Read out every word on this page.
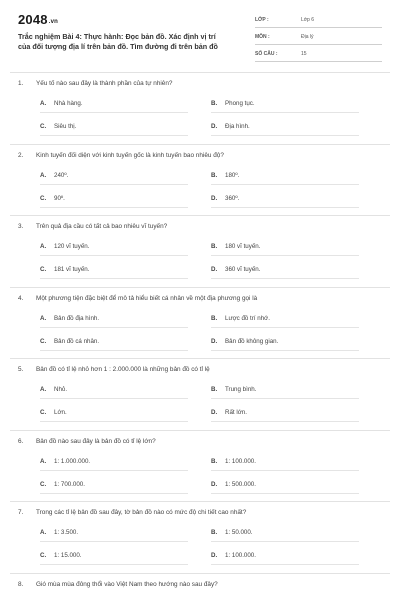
2048.vn
Trắc nghiệm Bài 4: Thực hành: Đọc bản đồ. Xác định vị trí
của đối tượng địa lí trên bản đồ. Tìm đường đi trên bản đồ
LỚP :	Lớp 6
MÔN :	Địa lý
SỐ CÂU :	15
1. Yếu tố nào sau đây là thành phần của tự nhiên?
A. Nhà hàng.	B. Phong tục.
C. Siêu thị.	D. Địa hình.
2. Kinh tuyến đối diện với kinh tuyến gốc là kinh tuyến bao nhiêu độ?
A. 240º.	B. 180º.
C. 90º.	D. 360º.
3. Trên quả địa cầu có tất cả bao nhiêu vĩ tuyến?
A. 120 vĩ tuyến.	B. 180 vĩ tuyến.
C. 181 vĩ tuyến.	D. 360 vĩ tuyến.
4. Một phương tiện đặc biệt để mô tả hiểu biết cá nhân về một địa phương gọi là
A. Bản đồ địa hình.	B. Lược đồ trí nhớ.
C. Bản đồ cá nhân.	D. Bản đồ không gian.
5. Bản đồ có tỉ lệ nhỏ hơn 1 : 2.000.000 là những bản đồ có tỉ lệ
A. Nhỏ.	B. Trung bình.
C. Lớn.	D. Rất lớn.
6. Bản đồ nào sau đây là bản đồ có tỉ lệ lớn?
A. 1: 1.000.000.	B. 1: 100.000.
C. 1: 700.000.	D. 1: 500.000.
7. Trong các tỉ lệ bản đồ sau đây, tờ bản đồ nào có mức độ chi tiết cao nhất?
A. 1: 3.500.	B. 1: 50.000.
C. 1: 15.000.	D. 1: 100.000.
8. Gió mùa mùa đông thổi vào Việt Nam theo hướng nào sau đây?
